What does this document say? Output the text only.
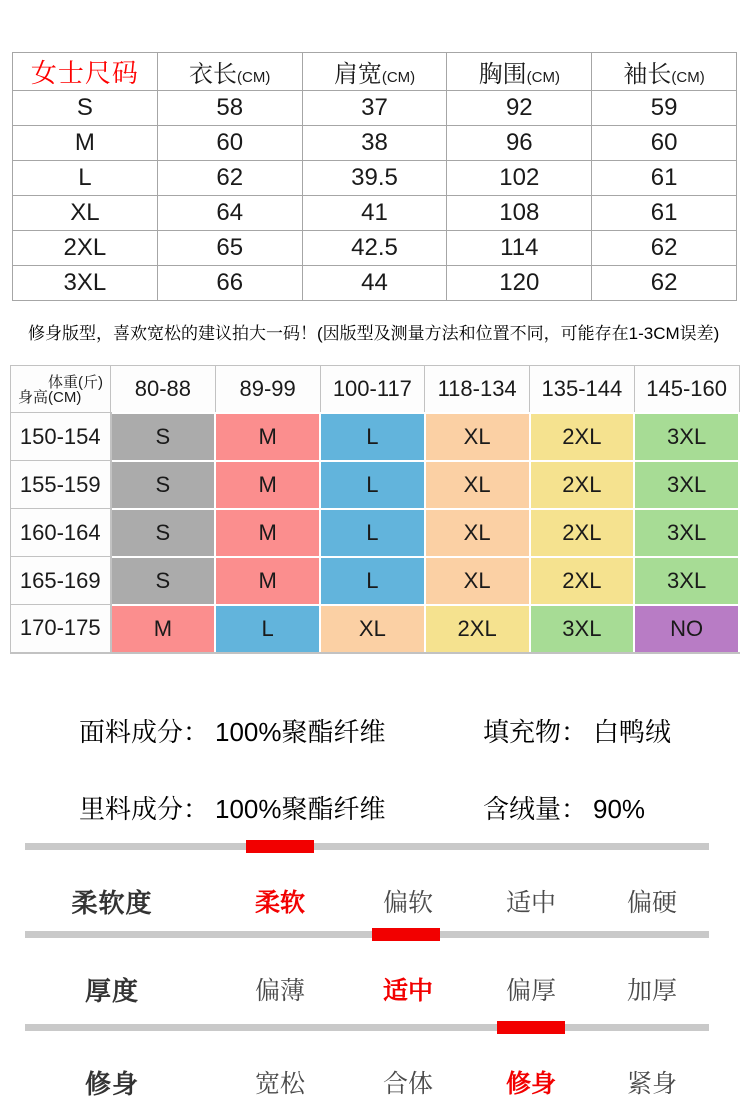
女士尺码	衣长(CM)	肩宽(CM)	胸围(CM)	袖长(CM)
S	58	37	92	59
M	60	38	96	60
L	62	39.5	102	61
XL	64	41	108	61
2XL	65	42.5	114	62
3XL	66	44	120	62
修身版型，喜欢宽松的建议拍大一码！(因版型及测量方法和位置不同，可能存在1-3CM误差)
体重(斤)
身高(CM)	80-88	89-99	100-117	118-134	135-144	145-160
150-154	S	M	L	XL	2XL	3XL
155-159	S	M	L	XL	2XL	3XL
160-164	S	M	L	XL	2XL	3XL
165-169	S	M	L	XL	2XL	3XL
170-175	M	L	XL	2XL	3XL	NO
面料成分： 100%聚酯纤维	填充物： 白鸭绒
里料成分： 100%聚酯纤维	含绒量： 90%
柔软度	柔软	偏软	适中	偏硬
厚度	偏薄	适中	偏厚	加厚
修身	宽松	合体	修身	紧身
